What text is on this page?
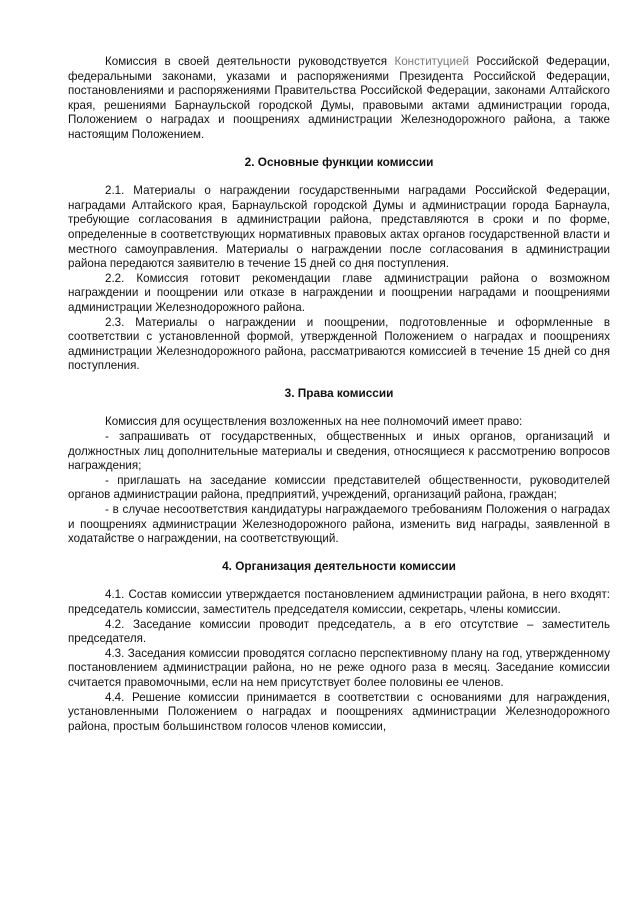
Комиссия в своей деятельности руководствуется Конституцией Российской Федерации, федеральными законами, указами и распоряжениями Президента Российской Федерации, постановлениями и распоряжениями Правительства Российской Федерации, законами Алтайского края, решениями Барнаульской городской Думы, правовыми актами администрации города, Положением о наградах и поощрениях администрации Железнодорожного района, а также настоящим Положением.

2. Основные функции комиссии

2.1. Материалы о награждении государственными наградами Российской Федерации, наградами Алтайского края, Барнаульской городской Думы и администрации города Барнаула, требующие согласования в администрации района, представляются в сроки и по форме, определенные в соответствующих нормативных правовых актах органов государственной власти и местного самоуправления. Материалы о награждении после согласования в администрации района передаются заявителю в течение 15 дней со дня поступления.

2.2. Комиссия готовит рекомендации главе администрации района о возможном награждении и поощрении или отказе в награждении и поощрении наградами и поощрениями администрации Железнодорожного района.

2.3. Материалы о награждении и поощрении, подготовленные и оформленные в соответствии с установленной формой, утвержденной Положением о наградах и поощрениях администрации Железнодорожного района, рассматриваются комиссией в течение 15 дней со дня поступления.

3. Права комиссии

Комиссия для осуществления возложенных на нее полномочий имеет право:

- запрашивать от государственных, общественных и иных органов, организаций и должностных лиц дополнительные материалы и сведения, относящиеся к рассмотрению вопросов награждения;

- приглашать на заседание комиссии представителей общественности, руководителей органов администрации района, предприятий, учреждений, организаций района, граждан;

- в случае несоответствия кандидатуры награждаемого требованиям Положения о наградах и поощрениях администрации Железнодорожного района, изменить вид награды, заявленной в ходатайстве о награждении, на соответствующий.

4. Организация деятельности комиссии

4.1. Состав комиссии утверждается постановлением администрации района, в него входят: председатель комиссии, заместитель председателя комиссии, секретарь, члены комиссии.

4.2. Заседание комиссии проводит председатель, а в его отсутствие – заместитель председателя.

4.3. Заседания комиссии проводятся согласно перспективному плану на год, утвержденному постановлением администрации района, но не реже одного раза в месяц. Заседание комиссии считается правомочными, если на нем присутствует более половины ее членов.

4.4. Решение комиссии принимается в соответствии с основаниями для награждения, установленными Положением о наградах и поощрениях администрации Железнодорожного района, простым большинством голосов членов комиссии,
